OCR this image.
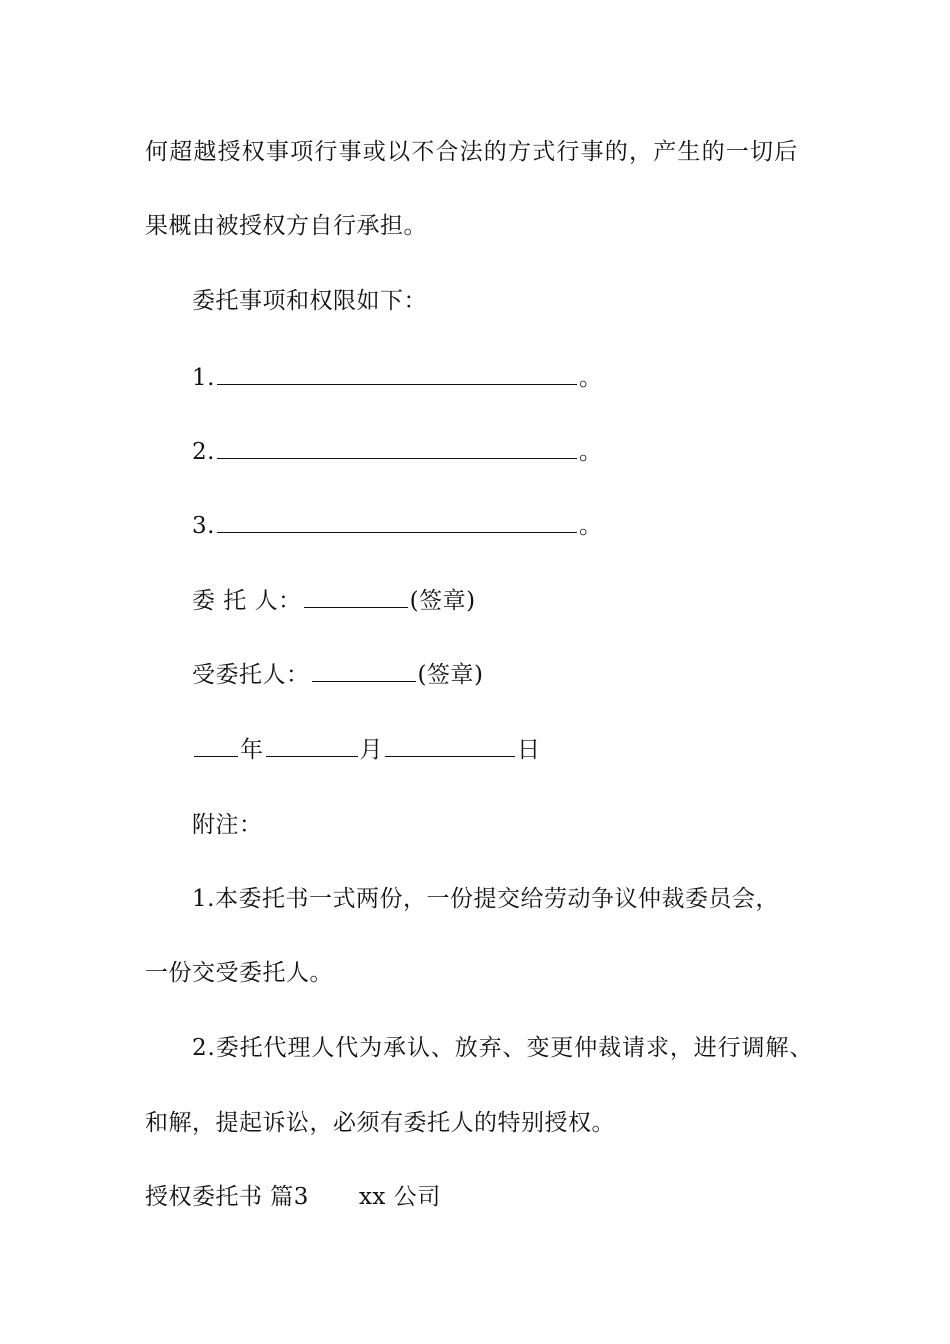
何超越授权事项行事或以不合法的方式行事的，产生的一切后
果概由被授权方自行承担。
委托事项和权限如下：
1.	。
2.	。
3.	。
委 托 人：	(签章)
受委托人：	(签章)
年	月	日
附注：
1.本委托书一式两份，一份提交给劳动争议仲裁委员会，
一份交受委托人。
2.委托代理人代为承认、放弃、变更仲裁请求，进行调解、
和解，提起诉讼，必须有委托人的特别授权。
授权委托书 篇3 xx 公司
